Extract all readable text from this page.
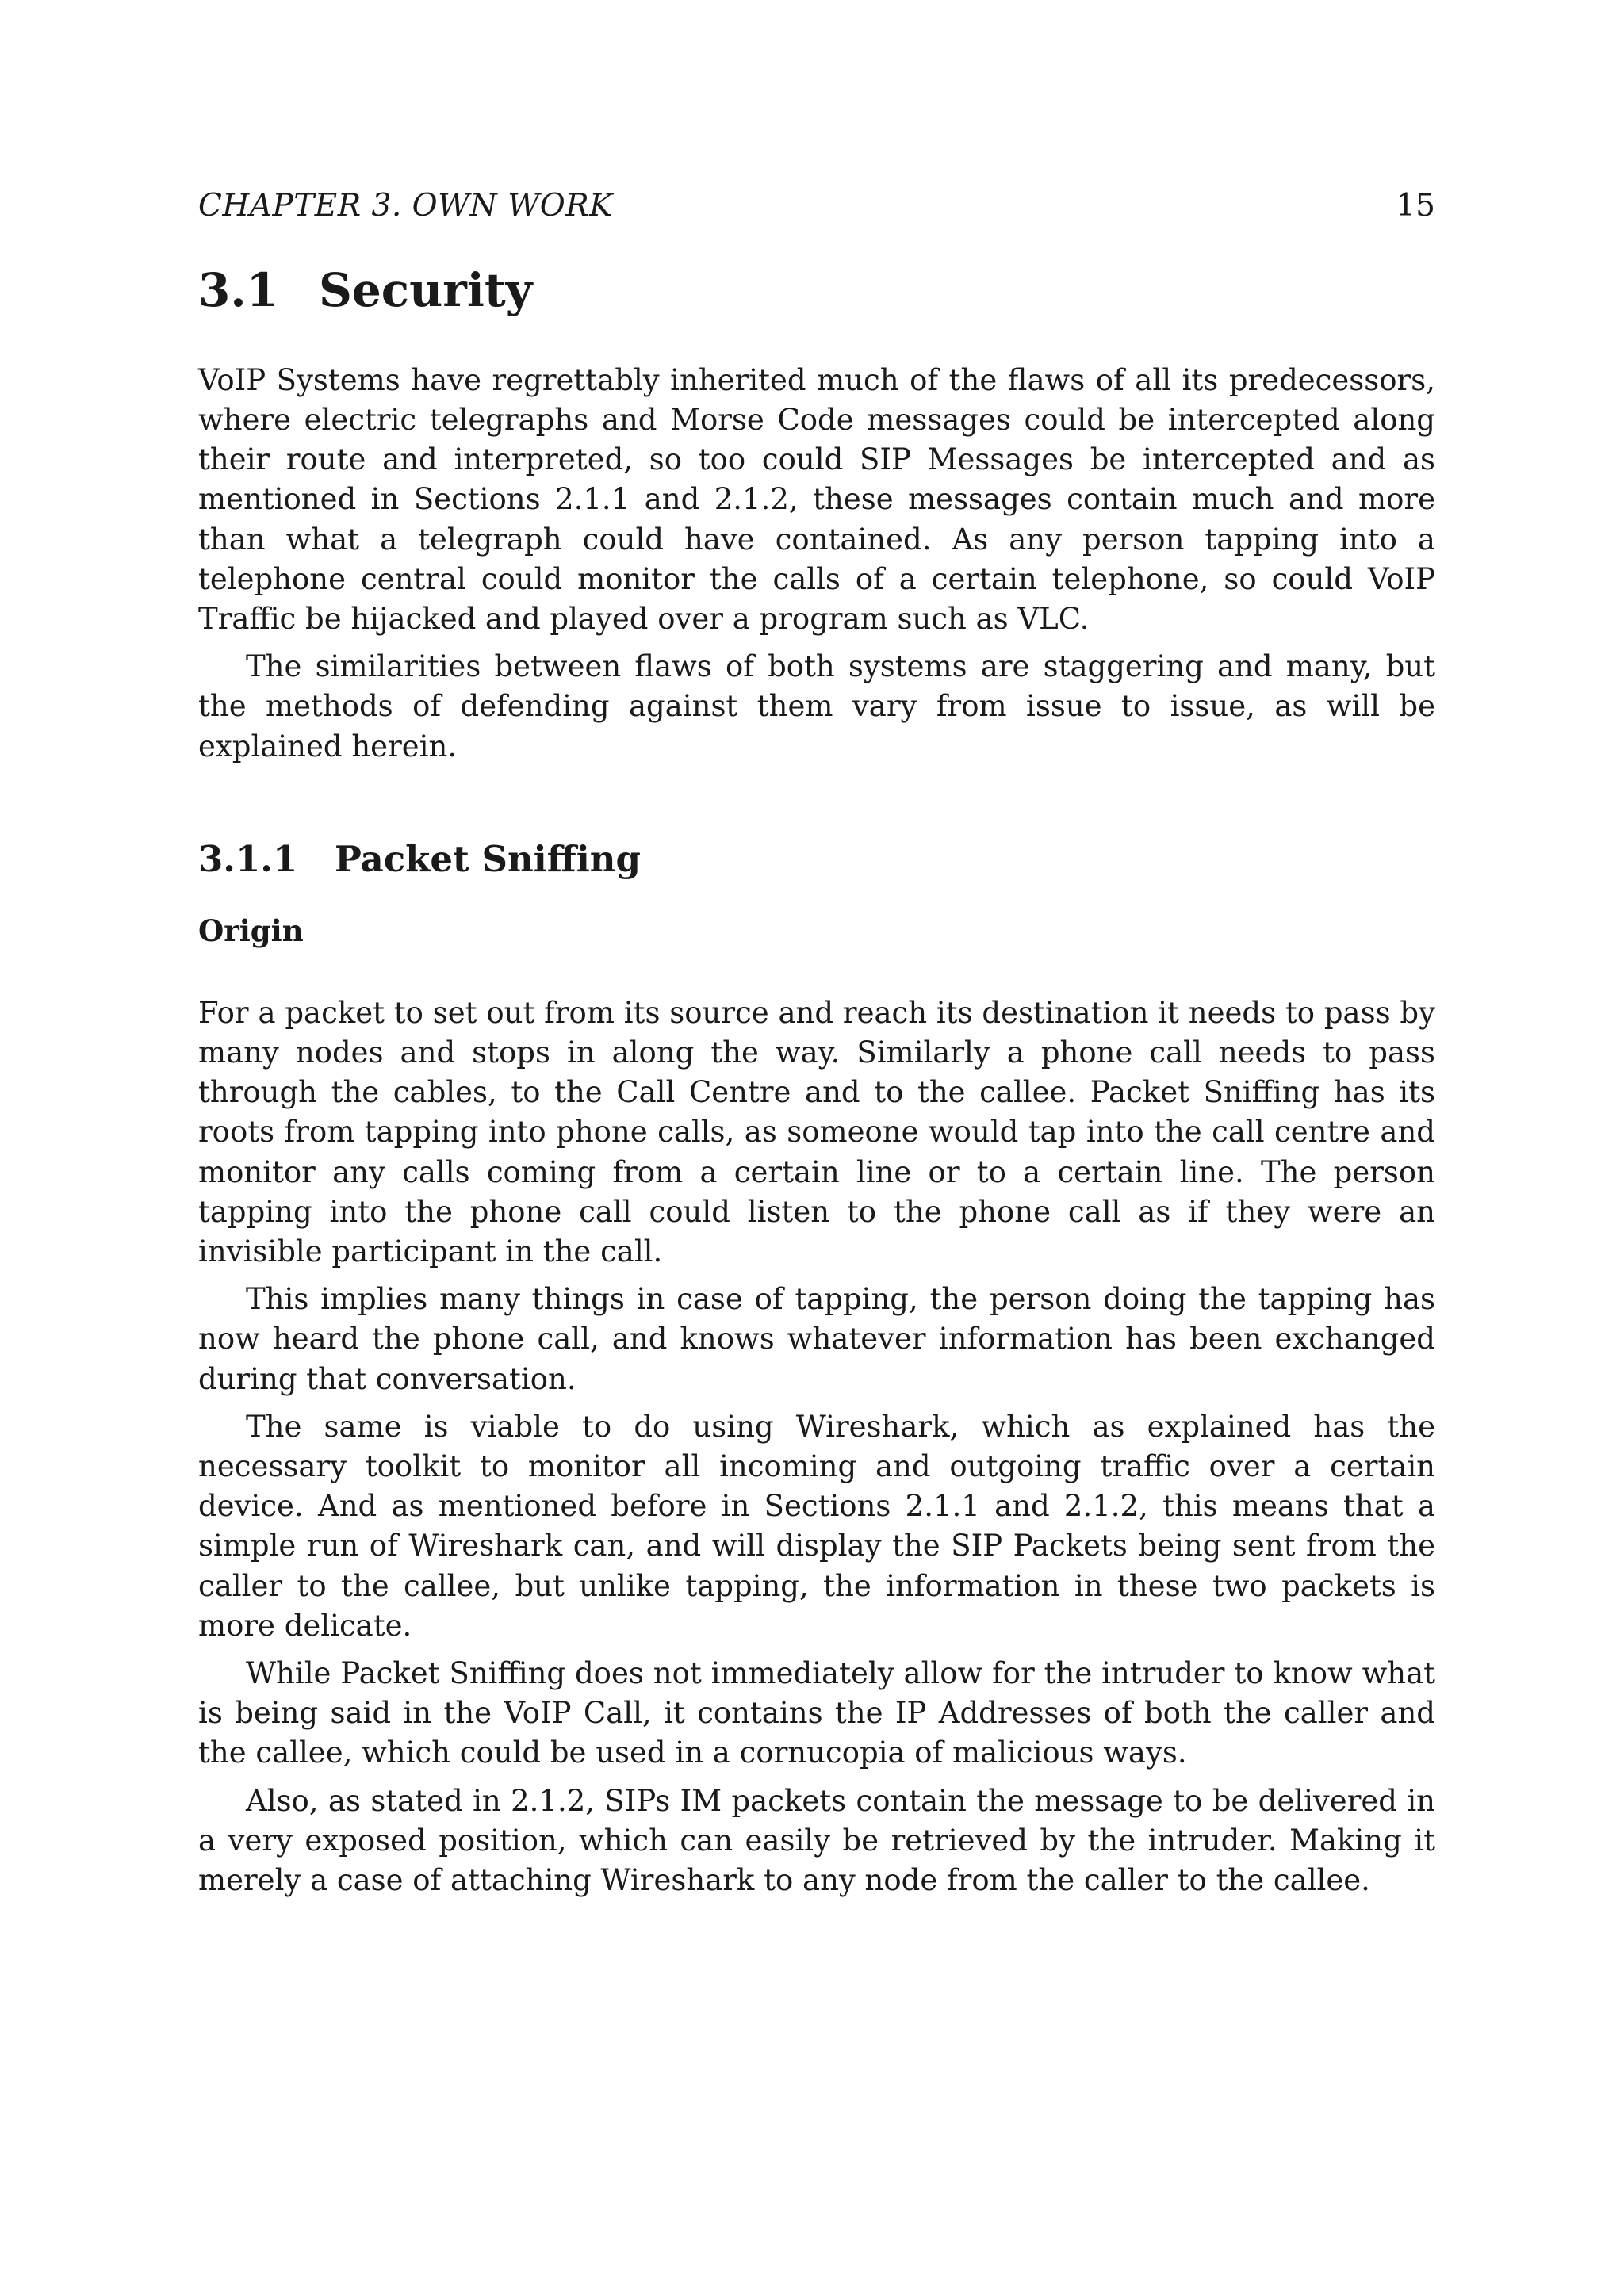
CHAPTER 3. OWN WORK	15
3.1 Security

VoIP Systems have regrettably inherited much of the flaws of all its predecessors, where electric telegraphs and Morse Code messages could be intercepted along their route and interpreted, so too could SIP Messages be intercepted and as mentioned in Sections 2.1.1 and 2.1.2, these messages contain much and more than what a telegraph could have contained. As any person tapping into a telephone central could monitor the calls of a certain telephone, so could VoIP Traffic be hijacked and played over a program such as VLC.

The similarities between flaws of both systems are staggering and many, but the methods of defending against them vary from issue to issue, as will be explained herein.

3.1.1	Packet Sniffing
Origin

For a packet to set out from its source and reach its destination it needs to pass by many nodes and stops in along the way. Similarly a phone call needs to pass through the cables, to the Call Centre and to the callee. Packet Sniffing has its roots from tapping into phone calls, as someone would tap into the call centre and monitor any calls coming from a certain line or to a certain line. The person tapping into the phone call could listen to the phone call as if they were an invisible participant in the call.

This implies many things in case of tapping, the person doing the tapping has now heard the phone call, and knows whatever information has been exchanged during that conversation.

The same is viable to do using Wireshark, which as explained has the necessary toolkit to monitor all incoming and outgoing traffic over a certain device. And as mentioned before in Sections 2.1.1 and 2.1.2, this means that a simple run of Wireshark can, and will display the SIP Packets being sent from the caller to the callee, but unlike tapping, the information in these two packets is more delicate.

While Packet Sniffing does not immediately allow for the intruder to know what is being said in the VoIP Call, it contains the IP Addresses of both the caller and the callee, which could be used in a cornucopia of malicious ways.

Also, as stated in 2.1.2, SIPs IM packets contain the message to be delivered in a very exposed position, which can easily be retrieved by the intruder. Making it merely a case of attaching Wireshark to any node from the caller to the callee.
